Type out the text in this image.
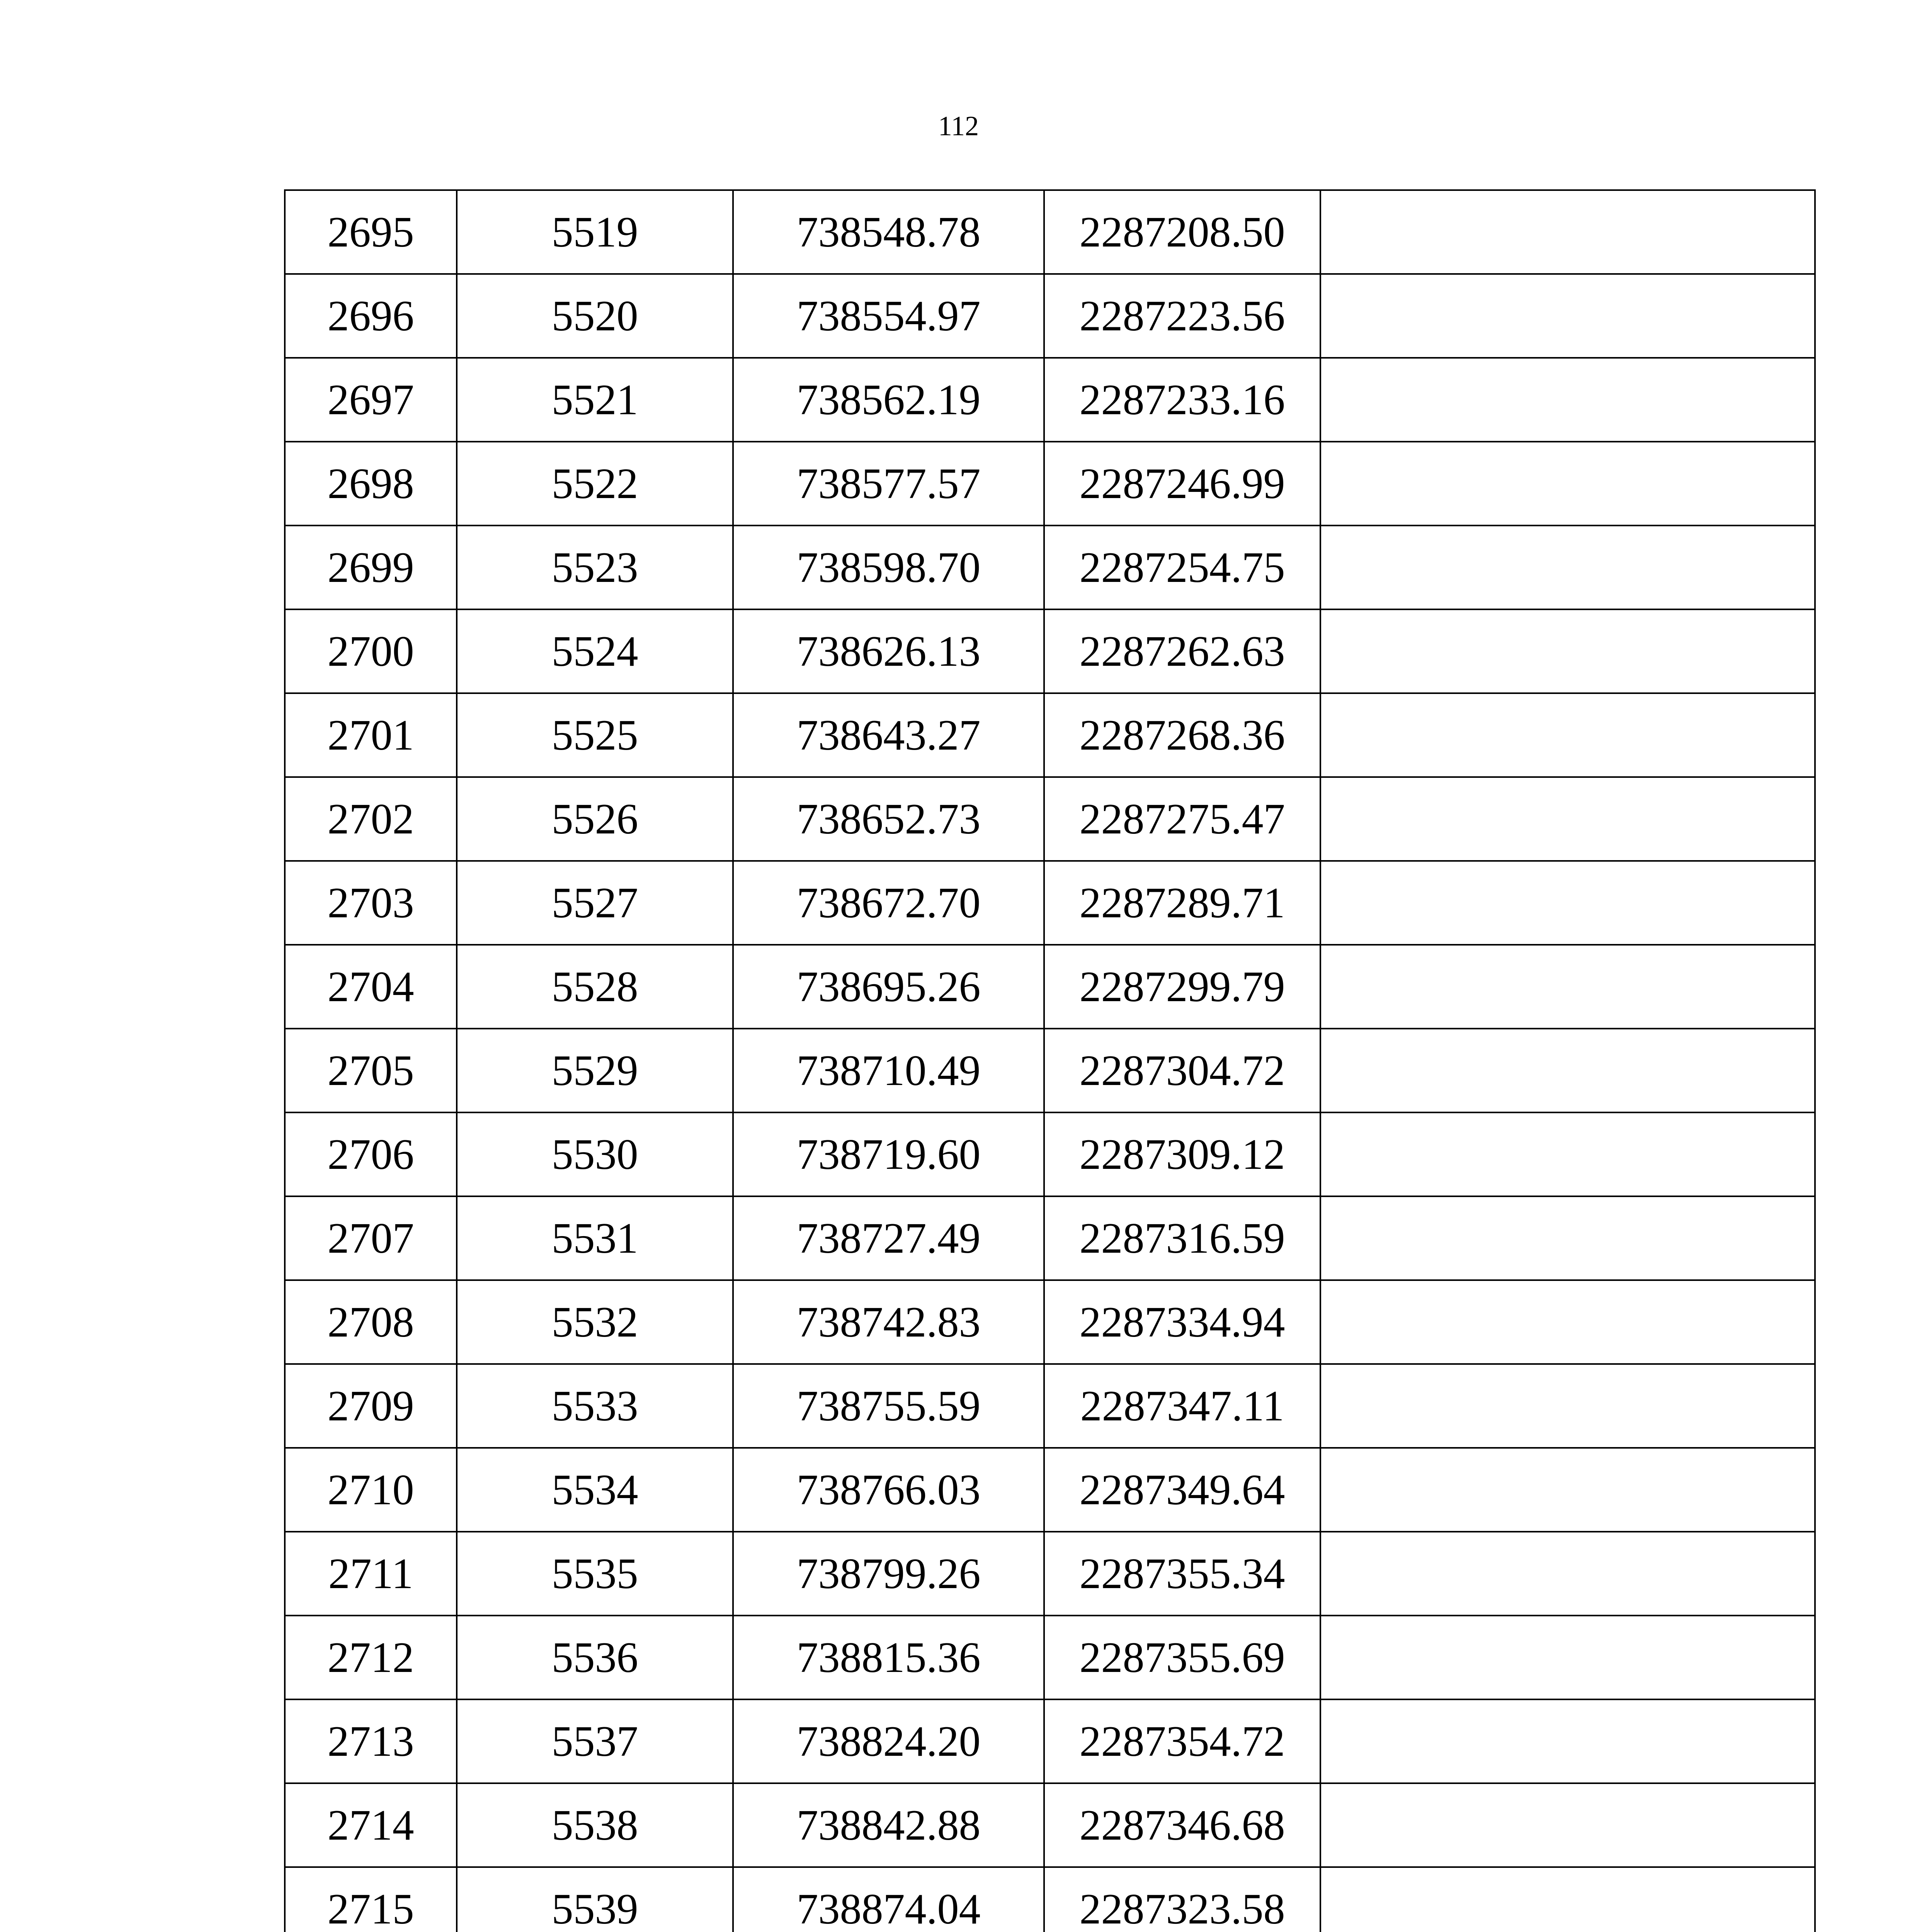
112
2695	5519	738548.78	2287208.50	
2696	5520	738554.97	2287223.56	
2697	5521	738562.19	2287233.16	
2698	5522	738577.57	2287246.99	
2699	5523	738598.70	2287254.75	
2700	5524	738626.13	2287262.63	
2701	5525	738643.27	2287268.36	
2702	5526	738652.73	2287275.47	
2703	5527	738672.70	2287289.71	
2704	5528	738695.26	2287299.79	
2705	5529	738710.49	2287304.72	
2706	5530	738719.60	2287309.12	
2707	5531	738727.49	2287316.59	
2708	5532	738742.83	2287334.94	
2709	5533	738755.59	2287347.11	
2710	5534	738766.03	2287349.64	
2711	5535	738799.26	2287355.34	
2712	5536	738815.36	2287355.69	
2713	5537	738824.20	2287354.72	
2714	5538	738842.88	2287346.68	
2715	5539	738874.04	2287323.58	
